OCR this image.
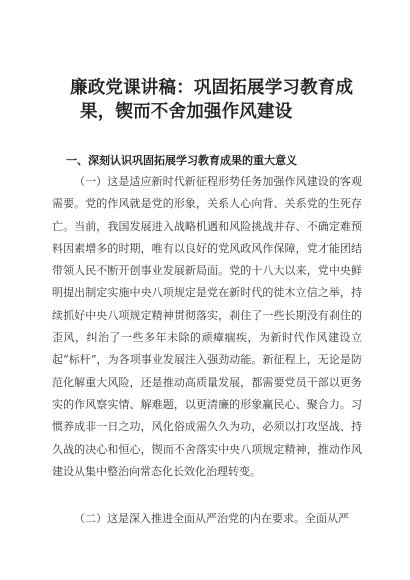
廉政党课讲稿：巩固拓展学习教育成
果，锲而不舍加强作风建设
一、深刻认识巩固拓展学习教育成果的重大意义

（一）这是适应新时代新征程形势任务加强作风建设的客观需要。党的作风就是党的形象，关系人心向背、关系党的生死存亡。当前，我国发展进入战略机遇和风险挑战并存、不确定难预料因素增多的时期，唯有以良好的党风政风作保障，党才能团结带领人民不断开创事业发展新局面。党的十八大以来，党中央鲜明提出制定实施中央八项规定是党在新时代的徙木立信之举，持续抓好中央八项规定精神贯彻落实，刹住了一些长期没有刹住的歪风，纠治了一些多年未除的顽瘴痼疾，为新时代作风建设立起“标杆”，为各项事业发展注入强劲动能。新征程上，无论是防范化解重大风险，还是推动高质量发展，都需要党员干部以更务实的作风察实情、解难题，以更清廉的形象赢民心、聚合力。习惯养成非一日之功，风化俗成需久久为功，必须以打攻坚战、持久战的决心和恒心，锲而不舍落实中央八项规定精神，推动作风建设从集中整治向常态化长效化治理转变。

（二）这是深入推进全面从严治党的内在要求。全面从严
